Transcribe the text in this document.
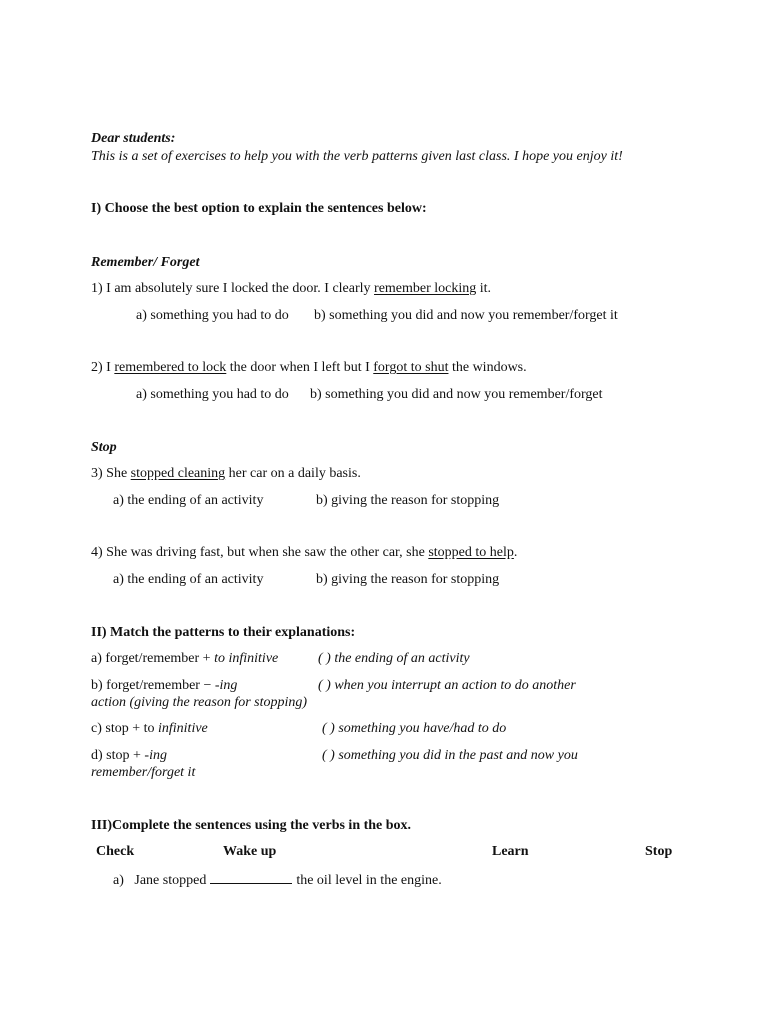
Dear students:
This is a set of exercises to help you with the verb patterns given last class. I hope you enjoy it!
I) Choose the best option to explain the sentences below:
Remember/ Forget
1) I am absolutely sure I locked the door. I clearly remember locking it.
a) something you had to do b) something you did and now you remember/forget it
2) I remembered to lock the door when I left but I forgot to shut the windows.
a) something you had to do b) something you did and now you remember/forget
Stop
3) She stopped cleaning her car on a daily basis.
a) the ending of an activity	b) giving the reason for stopping
4) She was driving fast, but when she saw the other car, she stopped to help.
a) the ending of an activity	b) giving the reason for stopping
II) Match the patterns to their explanations:
a) forget/remember + to infinitive	( ) the ending of an activity
b) forget/remember − -ing	( ) when you interrupt an action to do another
action (giving the reason for stopping)
c) stop + to infinitive	( ) something you have/had to do
d) stop + -ing	( ) something you did in the past and now you
remember/forget it
III)Complete the sentences using the verbs in the box.
Check	Wake up	Learn	Stop
a) Jane stopped	the oil level in the engine.
